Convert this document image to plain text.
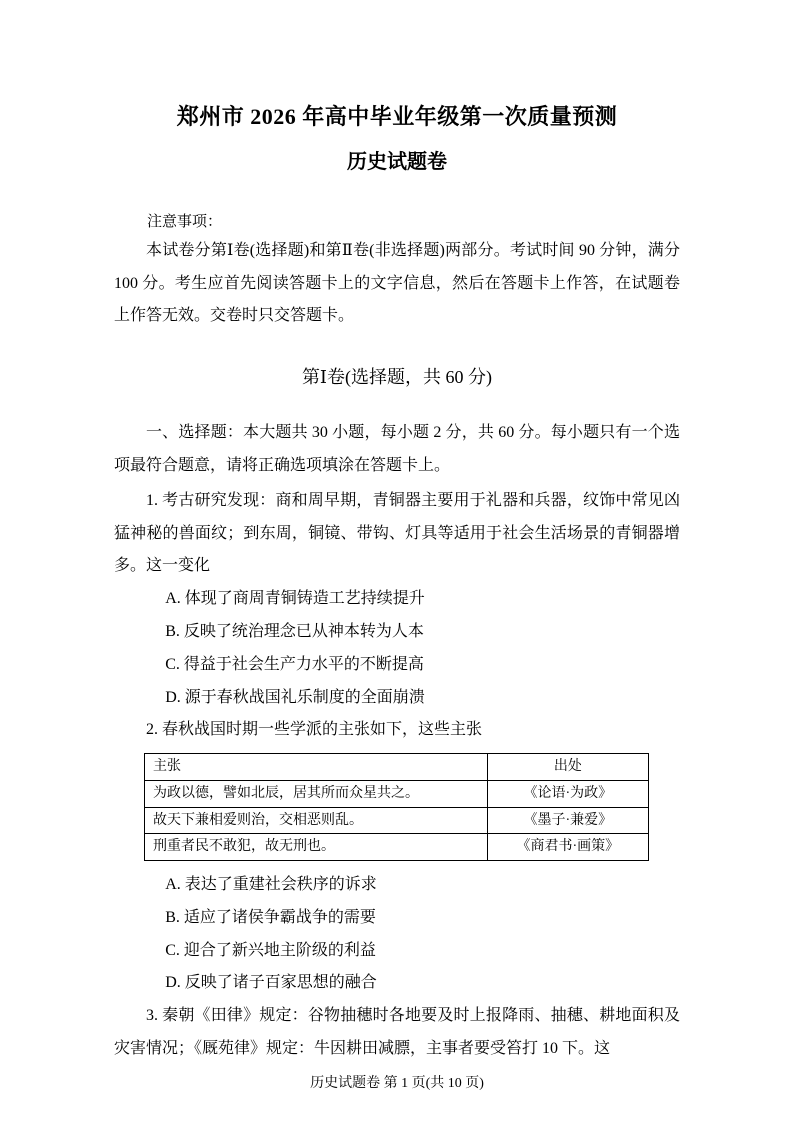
郑州市 2026 年高中毕业年级第一次质量预测
历史试题卷

注意事项：

本试卷分第Ⅰ卷(选择题)和第Ⅱ卷(非选择题)两部分。考试时间 90 分钟，满分 100 分。考生应首先阅读答题卡上的文字信息，然后在答题卡上作答，在试题卷上作答无效。交卷时只交答题卡。

第Ⅰ卷(选择题，共 60 分)

一、选择题：本大题共 30 小题，每小题 2 分，共 60 分。每小题只有一个选项最符合题意，请将正确选项填涂在答题卡上。

1. 考古研究发现：商和周早期，青铜器主要用于礼器和兵器，纹饰中常见凶猛神秘的兽面纹；到东周，铜镜、带钩、灯具等适用于社会生活场景的青铜器增多。这一变化

A. 体现了商周青铜铸造工艺持续提升

B. 反映了统治理念已从神本转为人本

C. 得益于社会生产力水平的不断提高

D. 源于春秋战国礼乐制度的全面崩溃

2. 春秋战国时期一些学派的主张如下，这些主张

主张	出处
为政以德，譬如北辰，居其所而众星共之。	《论语·为政》
故天下兼相爱则治，交相恶则乱。	《墨子·兼爱》
刑重者民不敢犯，故无刑也。	《商君书·画策》

A. 表达了重建社会秩序的诉求

B. 适应了诸侯争霸战争的需要

C. 迎合了新兴地主阶级的利益

D. 反映了诸子百家思想的融合

3. 秦朝《田律》规定：谷物抽穗时各地要及时上报降雨、抽穗、耕地面积及灾害情况；《厩苑律》规定：牛因耕田减膘，主事者要受笞打 10 下。这

历史试题卷 第 1 页(共 10 页)
